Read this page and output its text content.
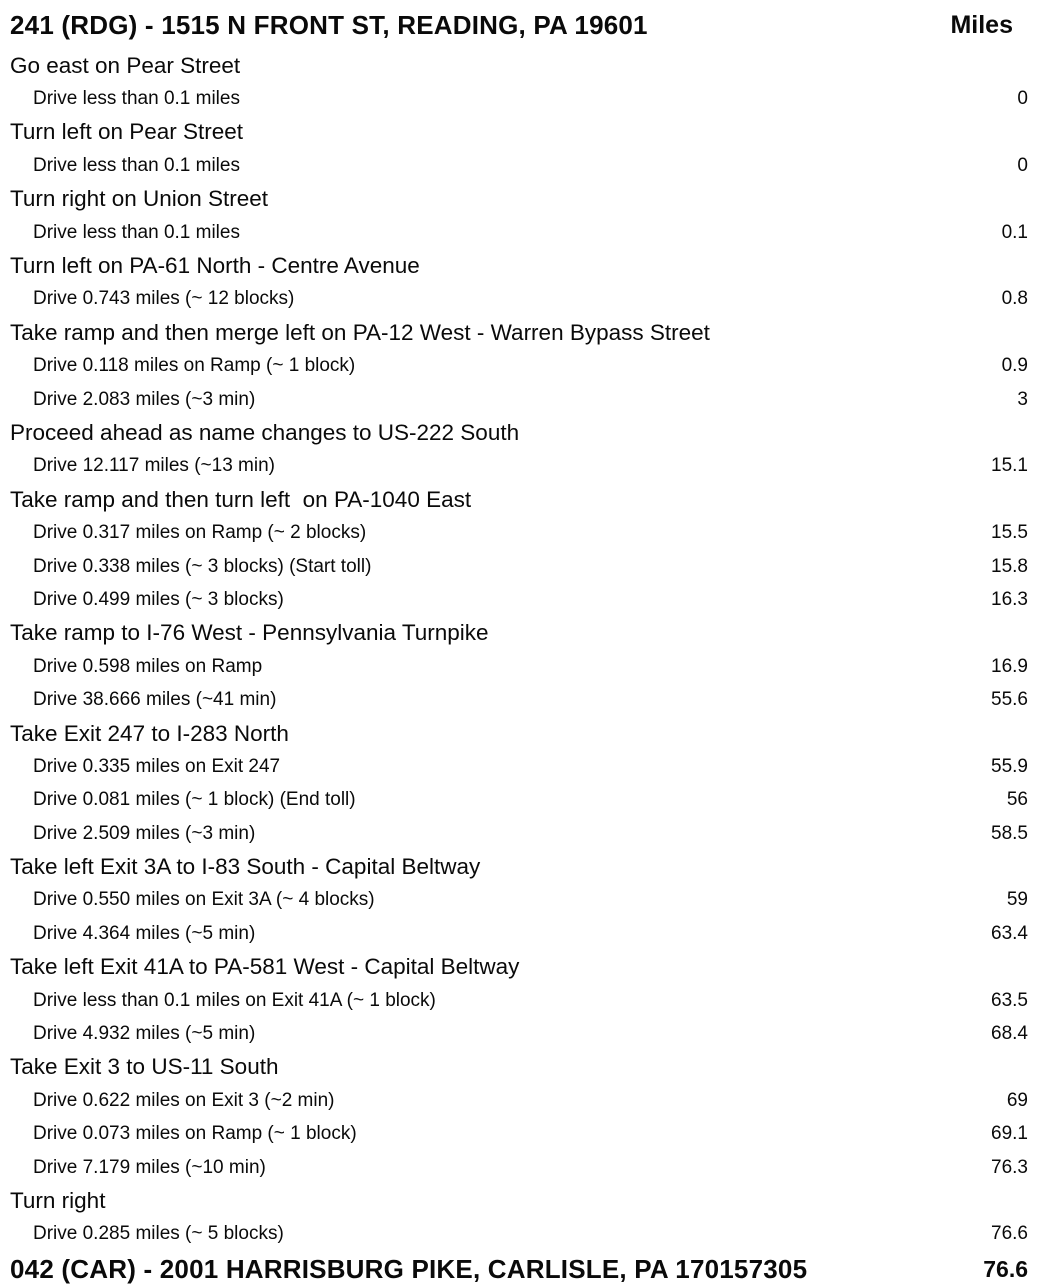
241 (RDG) - 1515 N FRONT ST, READING, PA 19601	Miles
Go east on Pear Street
Drive less than 0.1 miles	0
Turn left on Pear Street
Drive less than 0.1 miles	0
Turn right on Union Street
Drive less than 0.1 miles	0.1
Turn left on PA-61 North - Centre Avenue
Drive 0.743 miles (~ 12 blocks)	0.8
Take ramp and then merge left on PA-12 West - Warren Bypass Street
Drive 0.118 miles on Ramp (~ 1 block)	0.9
Drive 2.083 miles (~3 min)	3
Proceed ahead as name changes to US-222 South
Drive 12.117 miles (~13 min)	15.1
Take ramp and then turn left  on PA-1040 East
Drive 0.317 miles on Ramp (~ 2 blocks)	15.5
Drive 0.338 miles (~ 3 blocks) (Start toll)	15.8
Drive 0.499 miles (~ 3 blocks)	16.3
Take ramp to I-76 West - Pennsylvania Turnpike
Drive 0.598 miles on Ramp	16.9
Drive 38.666 miles (~41 min)	55.6
Take Exit 247 to I-283 North
Drive 0.335 miles on Exit 247	55.9
Drive 0.081 miles (~ 1 block) (End toll)	56
Drive 2.509 miles (~3 min)	58.5
Take left Exit 3A to I-83 South - Capital Beltway
Drive 0.550 miles on Exit 3A (~ 4 blocks)	59
Drive 4.364 miles (~5 min)	63.4
Take left Exit 41A to PA-581 West - Capital Beltway
Drive less than 0.1 miles on Exit 41A (~ 1 block)	63.5
Drive 4.932 miles (~5 min)	68.4
Take Exit 3 to US-11 South
Drive 0.622 miles on Exit 3 (~2 min)	69
Drive 0.073 miles on Ramp (~ 1 block)	69.1
Drive 7.179 miles (~10 min)	76.3
Turn right
Drive 0.285 miles (~ 5 blocks)	76.6
042 (CAR) - 2001 HARRISBURG PIKE, CARLISLE, PA 170157305	76.6
